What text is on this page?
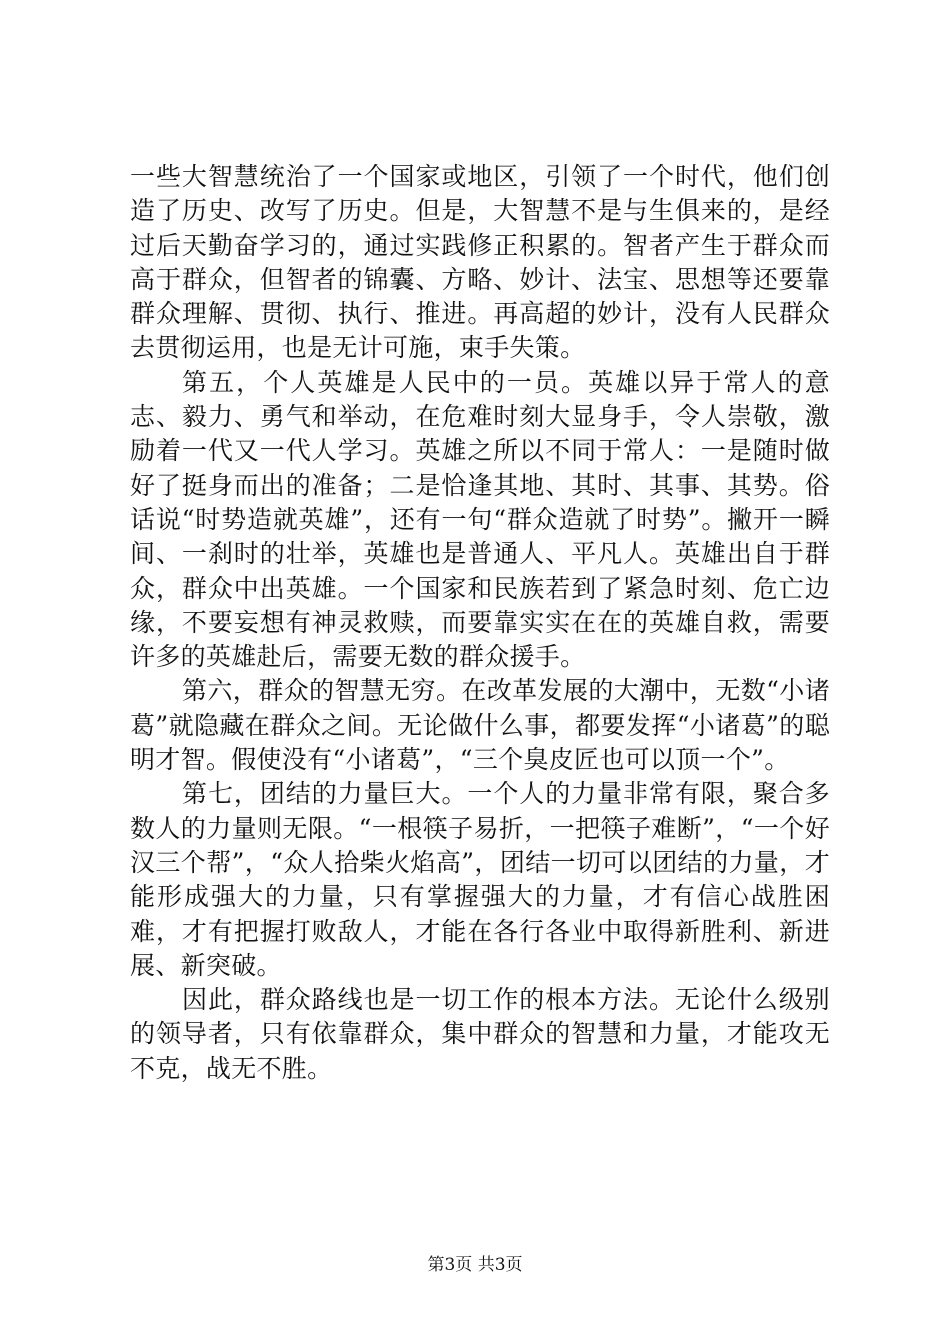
一些大智慧统治了一个国家或地区，引领了一个时代，他们创造了历史、改写了历史。但是，大智慧不是与生俱来的，是经过后天勤奋学习的，通过实践修正积累的。智者产生于群众而高于群众，但智者的锦囊、方略、妙计、法宝、思想等还要靠群众理解、贯彻、执行、推进。再高超的妙计，没有人民群众去贯彻运用，也是无计可施，束手失策。

第五，个人英雄是人民中的一员。英雄以异于常人的意志、毅力、勇气和举动，在危难时刻大显身手，令人崇敬，激励着一代又一代人学习。英雄之所以不同于常人：一是随时做好了挺身而出的准备；二是恰逢其地、其时、其事、其势。俗话说“时势造就英雄”，还有一句“群众造就了时势”。撇开一瞬间、一刹时的壮举，英雄也是普通人、平凡人。英雄出自于群众，群众中出英雄。一个国家和民族若到了紧急时刻、危亡边缘，不要妄想有神灵救赎，而要靠实实在在的英雄自救，需要许多的英雄赴后，需要无数的群众援手。

第六，群众的智慧无穷。在改革发展的大潮中，无数“小诸葛”就隐藏在群众之间。无论做什么事，都要发挥“小诸葛”的聪明才智。假使没有“小诸葛”，“三个臭皮匠也可以顶一个”。

第七，团结的力量巨大。一个人的力量非常有限，聚合多数人的力量则无限。“一根筷子易折，一把筷子难断”，“一个好汉三个帮”，“众人拾柴火焰高”，团结一切可以团结的力量，才能形成强大的力量，只有掌握强大的力量，才有信心战胜困难，才有把握打败敌人，才能在各行各业中取得新胜利、新进展、新突破。

因此，群众路线也是一切工作的根本方法。无论什么级别的领导者，只有依靠群众，集中群众的智慧和力量，才能攻无不克，战无不胜。

第3页 共3页
